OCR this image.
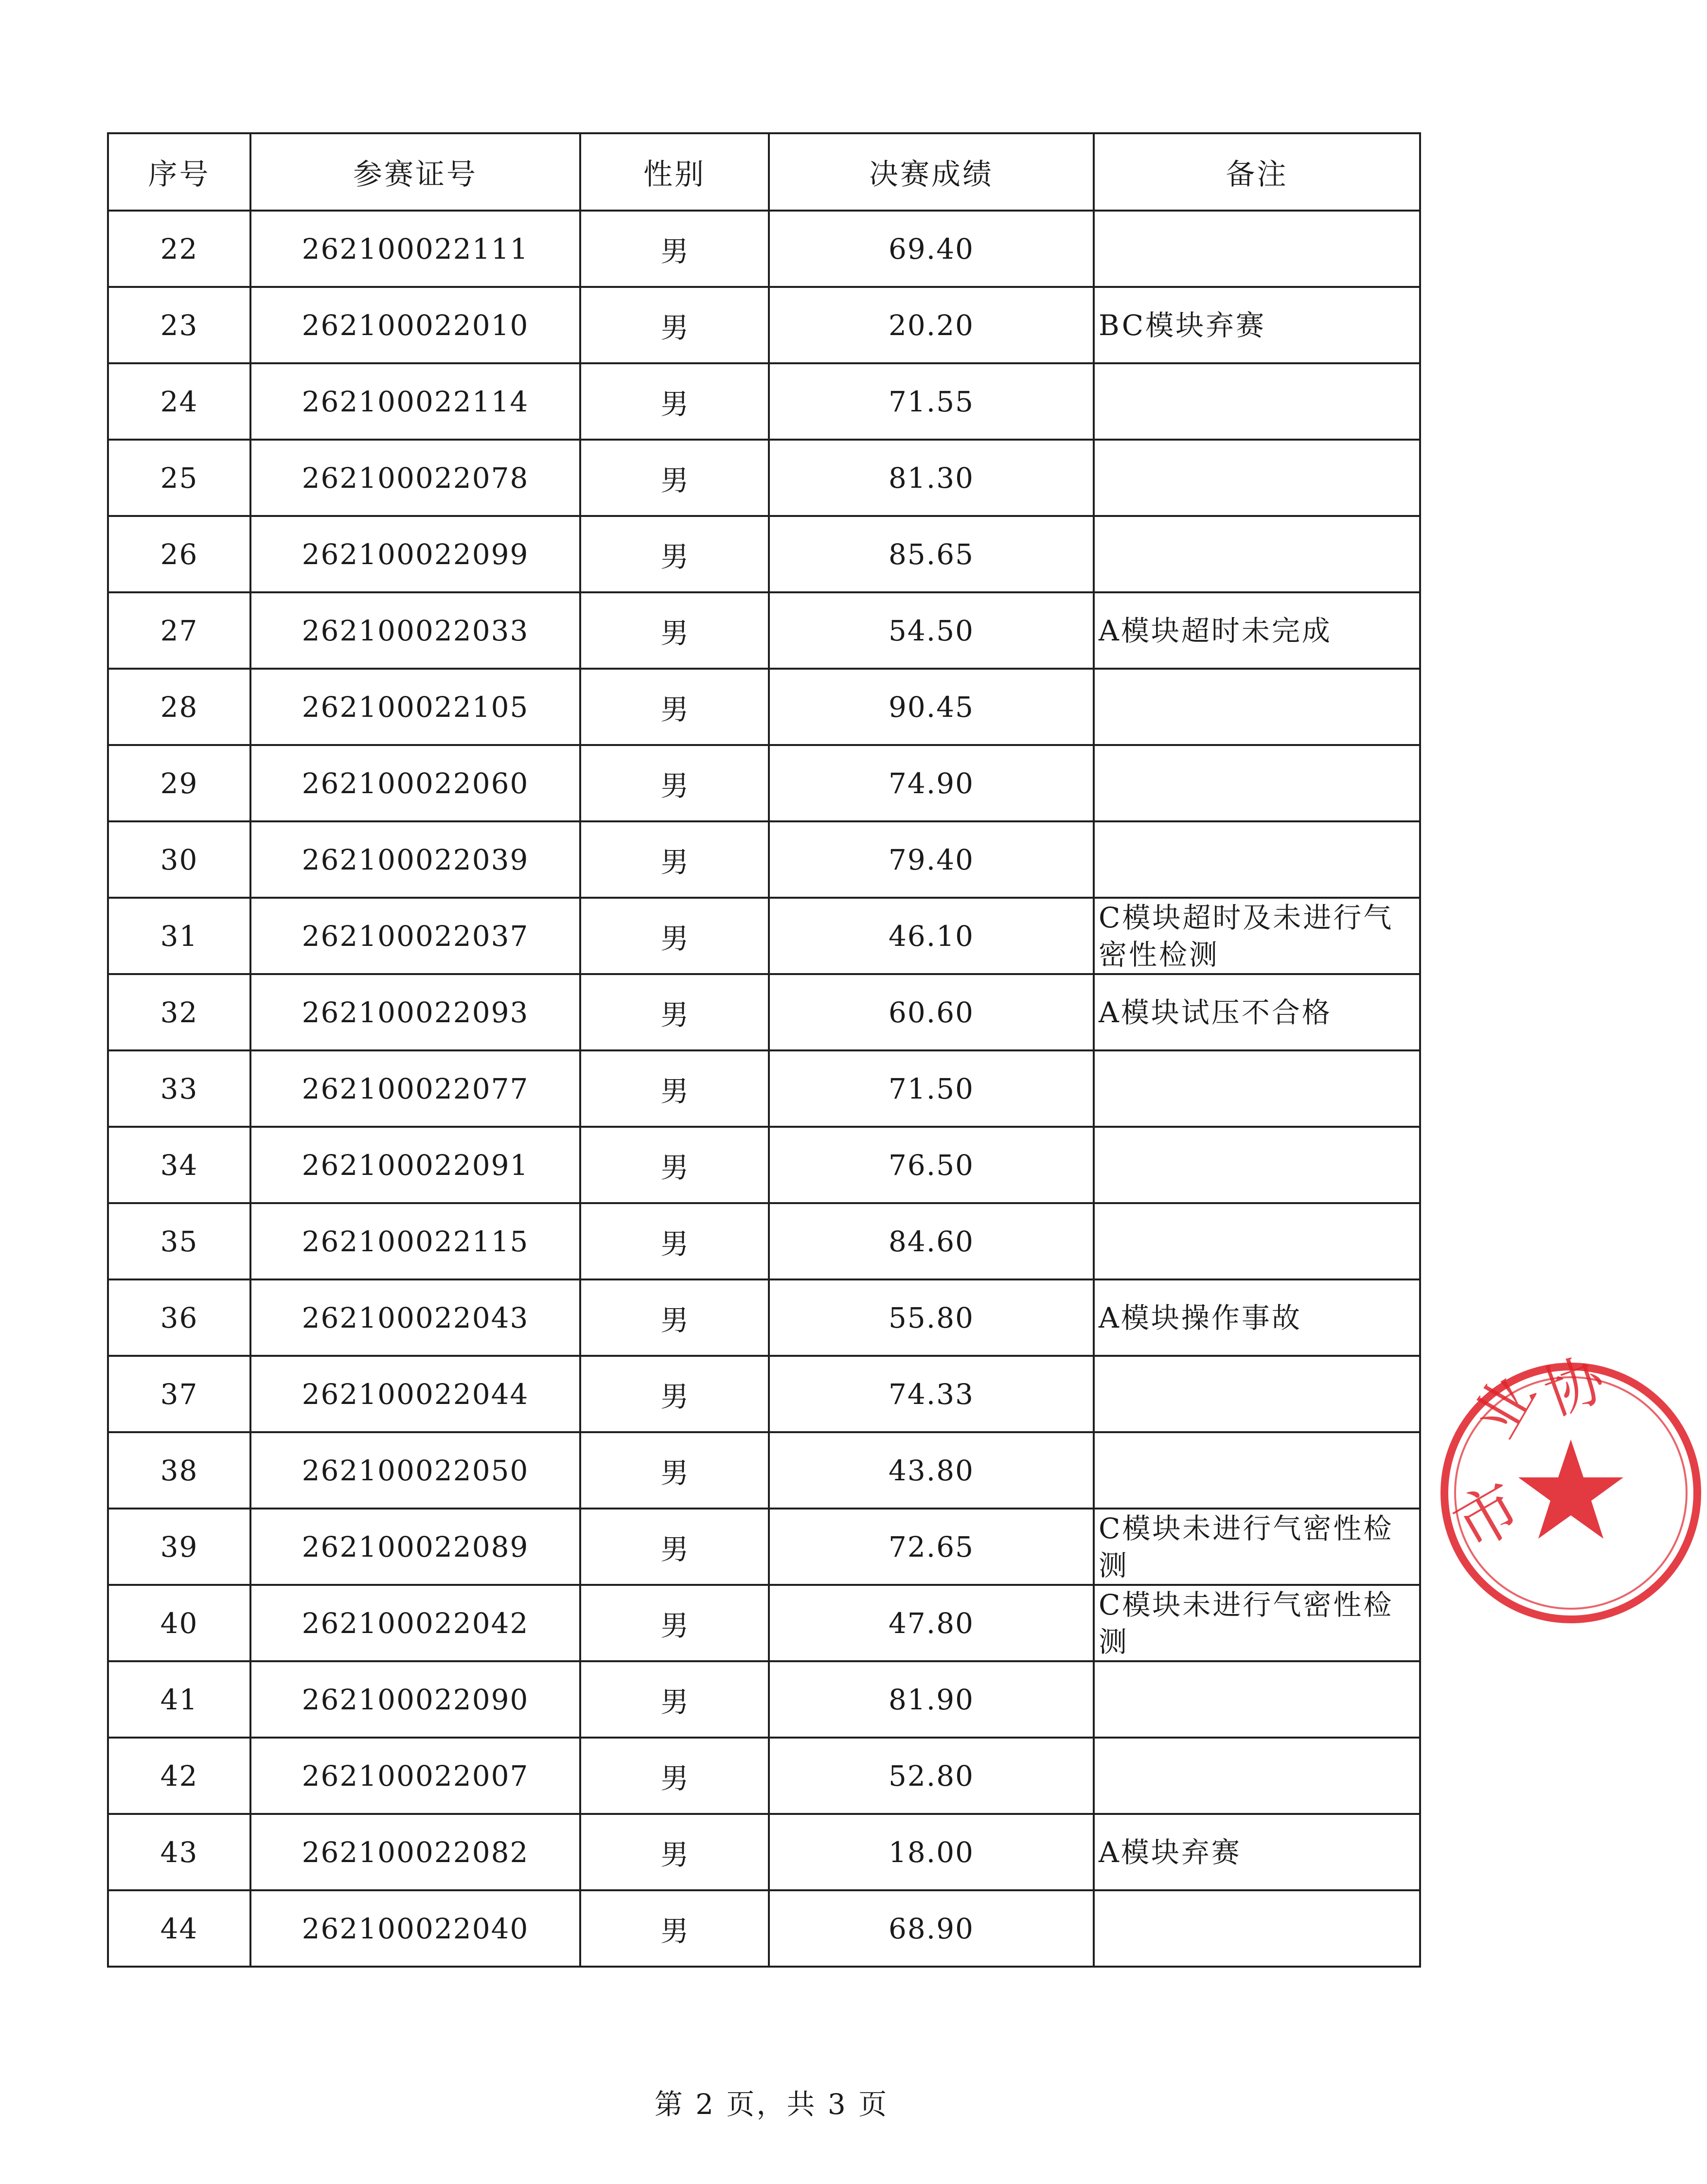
序号	参赛证号	性别	决赛成绩	备注
22	262100022111	男	69.40	
23	262100022010	男	20.20	BC模块弃赛
24	262100022114	男	71.55	
25	262100022078	男	81.30	
26	262100022099	男	85.65	
27	262100022033	男	54.50	A模块超时未完成
28	262100022105	男	90.45	
29	262100022060	男	74.90	
30	262100022039	男	79.40	
31	262100022037	男	46.10	C模块超时及未进行气密性检测
32	262100022093	男	60.60	A模块试压不合格
33	262100022077	男	71.50	
34	262100022091	男	76.50	
35	262100022115	男	84.60	
36	262100022043	男	55.80	A模块操作事故
37	262100022044	男	74.33	
38	262100022050	男	43.80	
39	262100022089	男	72.65	C模块未进行气密性检测
40	262100022042	男	47.80	C模块未进行气密性检测
41	262100022090	男	81.90	
42	262100022007	男	52.80	
43	262100022082	男	18.00	A模块弃赛
44	262100022040	男	68.90	
第 2 页，共 3 页
市
业
协
